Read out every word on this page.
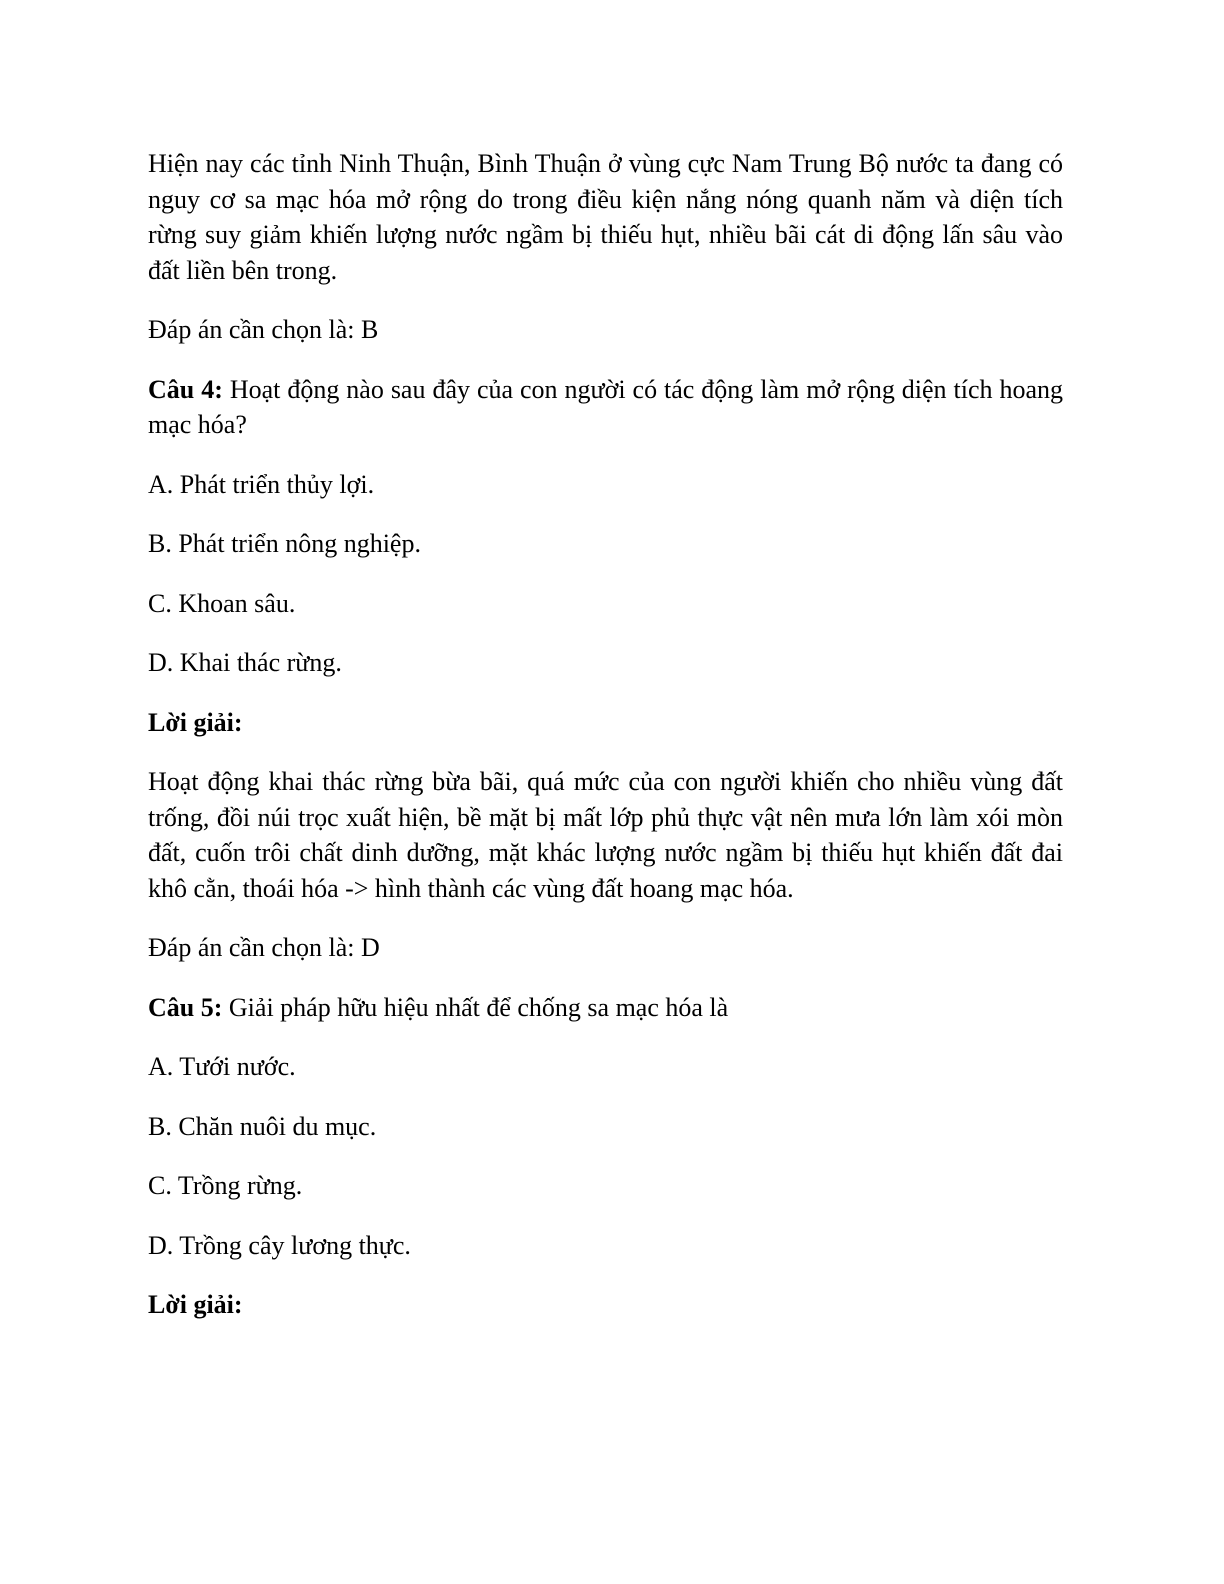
Hiện nay các tỉnh Ninh Thuận, Bình Thuận ở vùng cực Nam Trung Bộ nước ta đang có nguy cơ sa mạc hóa mở rộng do trong điều kiện nắng nóng quanh năm và diện tích rừng suy giảm khiến lượng nước ngầm bị thiếu hụt, nhiều bãi cát di động lấn sâu vào đất liền bên trong.

Đáp án cần chọn là: B

Câu 4: Hoạt động nào sau đây của con người có tác động làm mở rộng diện tích hoang mạc hóa?

A. Phát triển thủy lợi.

B. Phát triển nông nghiệp.

C. Khoan sâu.

D. Khai thác rừng.

Lời giải:

Hoạt động khai thác rừng bừa bãi, quá mức của con người khiến cho nhiều vùng đất trống, đồi núi trọc xuất hiện, bề mặt bị mất lớp phủ thực vật nên mưa lớn làm xói mòn đất, cuốn trôi chất dinh dưỡng, mặt khác lượng nước ngầm bị thiếu hụt khiến đất đai khô cằn, thoái hóa -> hình thành các vùng đất hoang mạc hóa.

Đáp án cần chọn là: D

Câu 5: Giải pháp hữu hiệu nhất để chống sa mạc hóa là

A. Tưới nước.

B. Chăn nuôi du mục.

C. Trồng rừng.

D. Trồng cây lương thực.

Lời giải:
